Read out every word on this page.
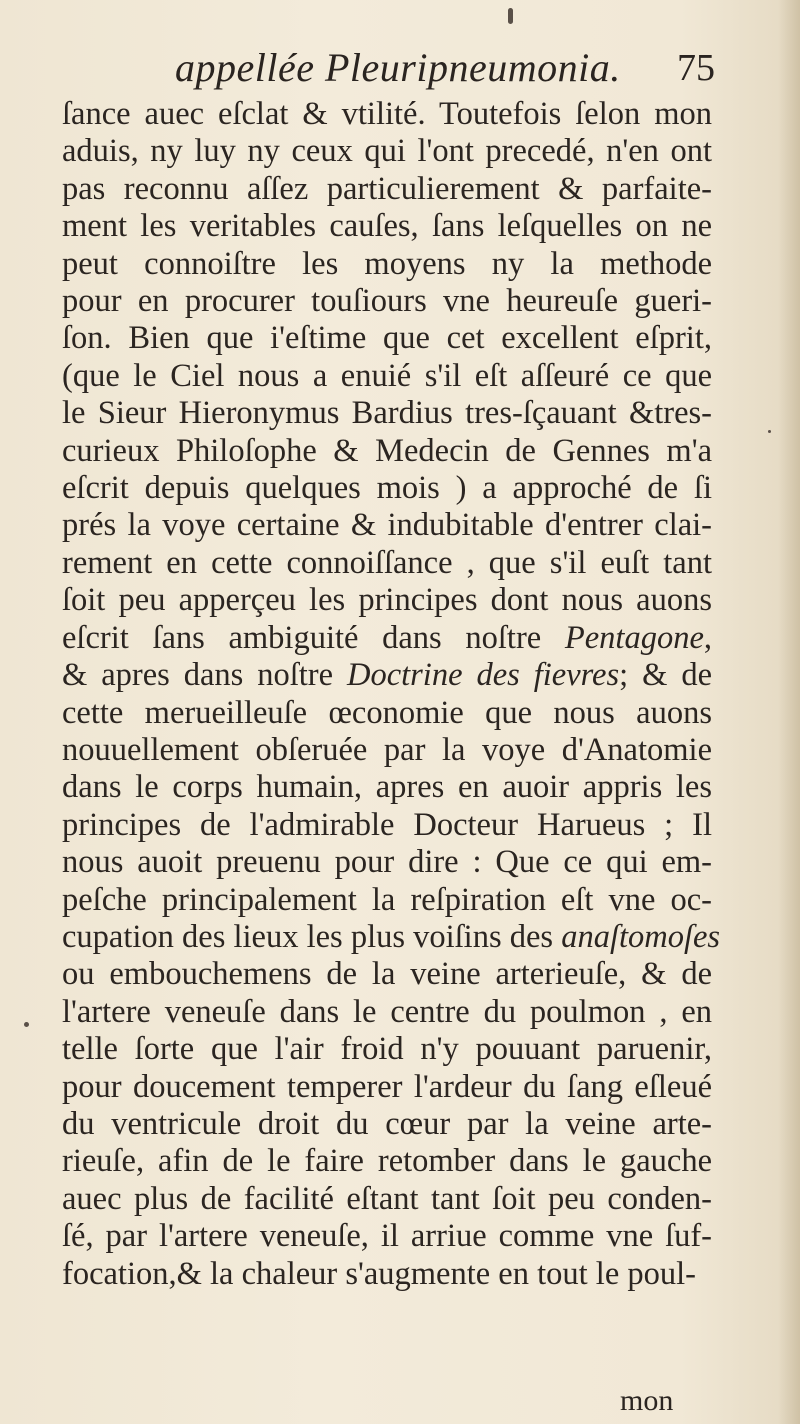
appellée Pleuripneumonia. 75
ſance auec eſclat & vtilité. Toutefois ſelon mon
aduis, ny luy ny ceux qui l'ont precedé, n'en ont
pas reconnu aſſez particulierement & parfaite-
ment les veritables cauſes, ſans leſquelles on ne
peut connoiſtre les moyens ny la methode
pour en procurer touſiours vne heureuſe gueri-
ſon. Bien que i'eſtime que cet excellent eſprit,
(que le Ciel nous a enuié s'il eſt aſſeuré ce que
le Sieur Hieronymus Bardius tres-ſçauant &tres-
curieux Philoſophe & Medecin de Gennes m'a
eſcrit depuis quelques mois ) a approché de ſi
prés la voye certaine & indubitable d'entrer clai-
rement en cette connoiſſance , que s'il euſt tant
ſoit peu apperçeu les principes dont nous auons
eſcrit ſans ambiguité dans noſtre Pentagone,
& apres dans noſtre Doctrine des fievres; & de
cette merueilleuſe œconomie que nous auons
nouuellement obſeruée par la voye d'Anatomie
dans le corps humain, apres en auoir appris les
principes de l'admirable Docteur Harueus ; Il
nous auoit preuenu pour dire : Que ce qui em-
peſche principalement la reſpiration eſt vne oc-
cupation des lieux les plus voiſins des anaſtomoſes
ou embouchemens de la veine arterieuſe, & de
l'artere veneuſe dans le centre du poulmon , en
telle ſorte que l'air froid n'y pouuant paruenir,
pour doucement temperer l'ardeur du ſang eſleué
du ventricule droit du cœur par la veine arte-
rieuſe, afin de le faire retomber dans le gauche
auec plus de facilité eſtant tant ſoit peu conden-
ſé, par l'artere veneuſe, il arriue comme vne ſuf-
focation,& la chaleur s'augmente en tout le poul-
mon
